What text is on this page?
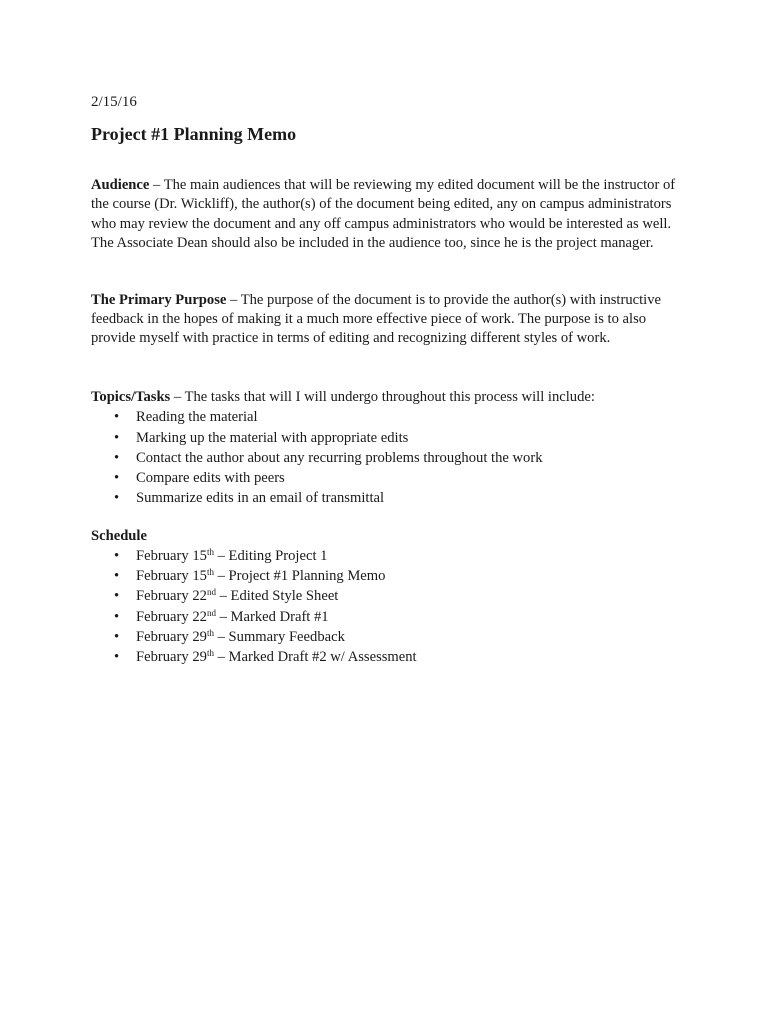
2/15/16

Project #1 Planning Memo

Audience – The main audiences that will be reviewing my edited document will be the instructor of the course (Dr. Wickliff), the author(s) of the document being edited, any on campus administrators who may review the document and any off campus administrators who would be interested as well. The Associate Dean should also be included in the audience too, since he is the project manager.

The Primary Purpose – The purpose of the document is to provide the author(s) with instructive feedback in the hopes of making it a much more effective piece of work. The purpose is to also provide myself with practice in terms of editing and recognizing different styles of work.

Topics/Tasks – The tasks that will I will undergo throughout this process will include:

• Reading the material
• Marking up the material with appropriate edits
• Contact the author about any recurring problems throughout the work
• Compare edits with peers
• Summarize edits in an email of transmittal

Schedule

• February 15th – Editing Project 1
• February 15th – Project #1 Planning Memo
• February 22nd – Edited Style Sheet
• February 22nd – Marked Draft #1
• February 29th – Summary Feedback
• February 29th – Marked Draft #2 w/ Assessment
